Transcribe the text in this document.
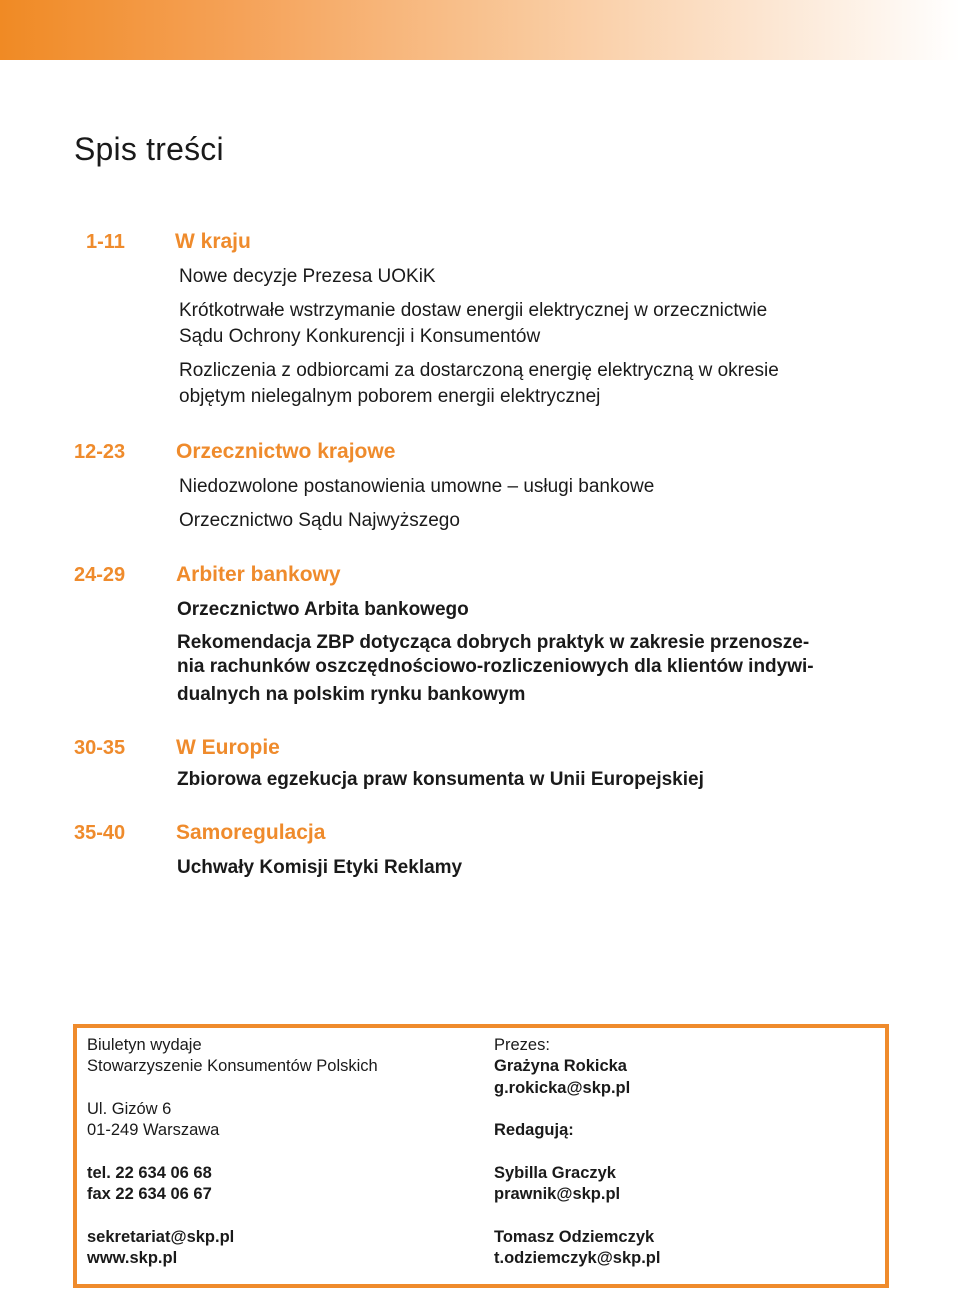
Spis treści
1-11 W kraju
Nowe decyzje Prezesa UOKiK
Krótkotrwałe wstrzymanie dostaw energii elektrycznej w orzecznictwie
Sądu Ochrony Konkurencji i Konsumentów
Rozliczenia z odbiorcami za dostarczoną energię elektryczną w okresie
objętym nielegalnym poborem energii elektrycznej
12-23 Orzecznictwo krajowe
Niedozwolone postanowienia umowne – usługi bankowe
Orzecznictwo Sądu Najwyższego
24-29 Arbiter bankowy
Orzecznictwo Arbita bankowego
Rekomendacja ZBP dotycząca dobrych praktyk w zakresie przenosze-
nia rachunków oszczędnościowo-rozliczeniowych dla klientów indywi-
dualnych na polskim rynku bankowym
30-35 W Europie
Zbiorowa egzekucja praw konsumenta w Unii Europejskiej
35-40 Samoregulacja
Uchwały Komisji Etyki Reklamy
Biuletyn wydaje
Stowarzyszenie Konsumentów Polskich
Ul. Gizów 6
01-249 Warszawa
tel. 22 634 06 68
fax 22 634 06 67
sekretariat@skp.pl
www.skp.pl
Prezes:
Grażyna Rokicka
g.rokicka@skp.pl
Redagują:
Sybilla Graczyk
prawnik@skp.pl
Tomasz Odziemczyk
t.odziemczyk@skp.pl
